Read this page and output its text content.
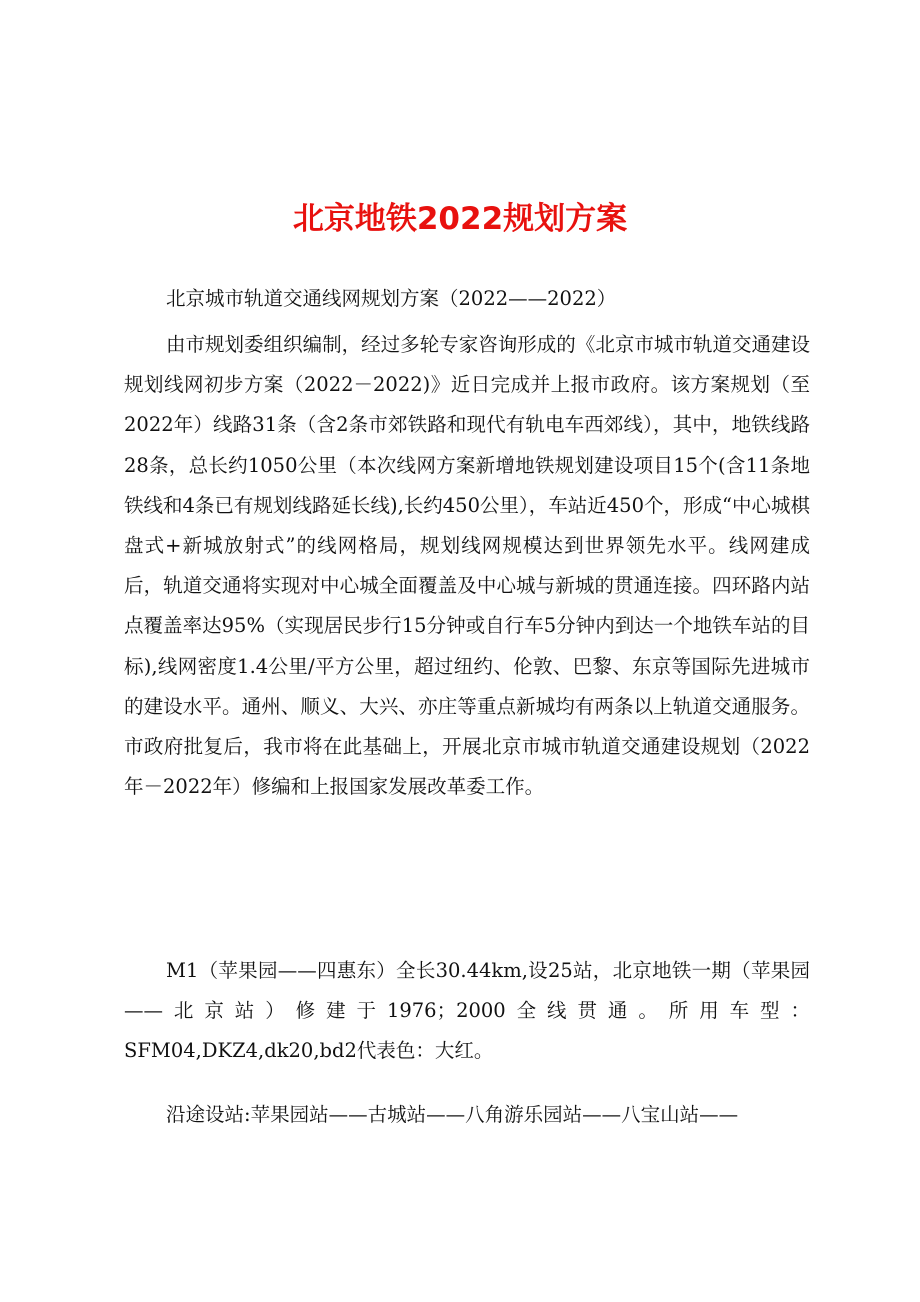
北京地铁2022规划方案

北京城市轨道交通线网规划方案（2022——2022）

由市规划委组织编制，经过多轮专家咨询形成的《北京市城市轨道交通建设规划线网初步方案（2022－2022)》近日完成并上报市政府。该方案规划（至2022年）线路31条（含2条市郊铁路和现代有轨电车西郊线），其中，地铁线路28条，总长约1050公里（本次线网方案新增地铁规划建设项目15个(含11条地铁线和4条已有规划线路延长线),长约450公里），车站近450个，形成“中心城棋盘式+新城放射式”的线网格局，规划线网规模达到世界领先水平。线网建成后，轨道交通将实现对中心城全面覆盖及中心城与新城的贯通连接。四环路内站点覆盖率达95%（实现居民步行15分钟或自行车5分钟内到达一个地铁车站的目标),线网密度1.4公里/平方公里，超过纽约、伦敦、巴黎、东京等国际先进城市的建设水平。通州、顺义、大兴、亦庄等重点新城均有两条以上轨道交通服务。市政府批复后，我市将在此基础上，开展北京市城市轨道交通建设规划（2022年－2022年）修编和上报国家发展改革委工作。

M1（苹果园——四惠东）全长30.44km,设25站，北京地铁一期（苹果园——北京站）修建于1976；2000全线贯通。所用车型：SFM04,DKZ4,dk20,bd2代表色：大红。

沿途设站:苹果园站——古城站——八角游乐园站——八宝山站——
